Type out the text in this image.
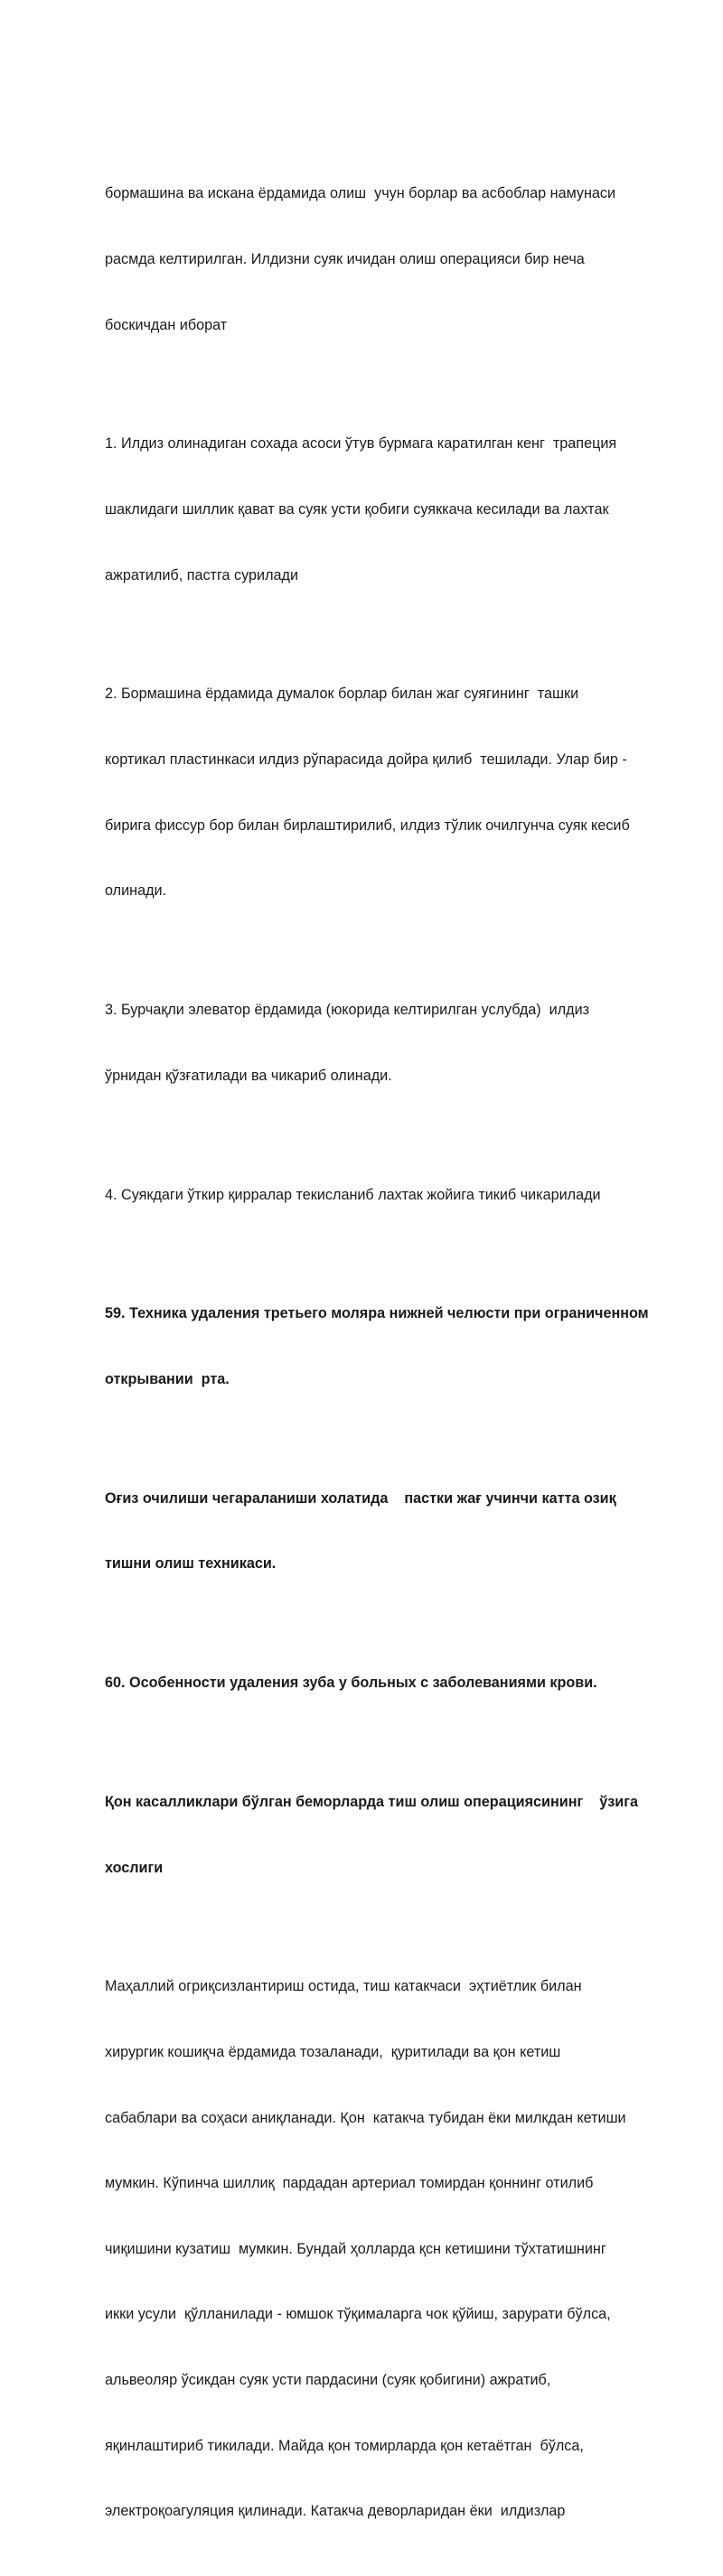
бормашина ва искана ёрдамида олиш  учун борлар ва асбоблар намунаси

расмда келтирилган. Илдизни суяк ичидан олиш операцияси бир неча

боскичдан иборат

1. Илдиз олинадиган сохада асоси ўтув бурмага каратилган кенг  трапеция

шаклидаги шиллик қават ва суяк усти қобиги суяккача кесилади ва лахтак

ажратилиб, пастга сурилади

2. Бормашина ёрдамида думалок борлар билан жаг суягининг  ташки

кортикал пластинкаси илдиз рўпарасида дойра қилиб  тешилади. Улар бир -

бирига фиссур бор билан бирлаштирилиб, илдиз тўлик очилгунча суяк кесиб

олинади.

3. Бурчақли элеватор ёрдамида (юкорида келтирилган услубда)  илдиз

ўрнидан қўзғатилади ва чикариб олинади.

4. Суякдаги ўткир қирралар текисланиб лахтак жойига тикиб чикарилади

59. Техника удаления третьего моляра нижней челюсти при ограниченном

открывании  рта.

Оғиз очилиши чегараланиши холатида    пастки жағ учинчи катта озиқ

тишни олиш техникаси.

60. Особенности удаления зуба у больных с заболеваниями крови.

Қон касалликлари бўлган беморларда тиш олиш операциясининг    ўзига

хослиги

Маҳаллий огриқсизлантириш остида, тиш катакчаси  эҳтиётлик билан

хирургик кошиқча ёрдамида тозаланади,  қуритилади ва қон кетиш

сабаблари ва соҳаси аниқланади. Қон  катакча тубидан ёки милкдан кетиши

мумкин. Кўпинча шиллиқ  пардадан артериал томирдан қоннинг отилиб

чиқишини кузатиш  мумкин. Бундай ҳолларда қсн кетишини тўхтатишнинг

икки усули  қўлланилади - юмшок тўқималарга чок қўйиш, зарурати бўлса,

альвеоляр ўсикдан суяк усти пардасини (суяк қобигини) ажратиб,

яқинлаштириб тикилади. Майда қон томирларда қон кетаётган  бўлса,

электроқоагуляция қилинади. Катакча деворларидан ёки  илдизлар
